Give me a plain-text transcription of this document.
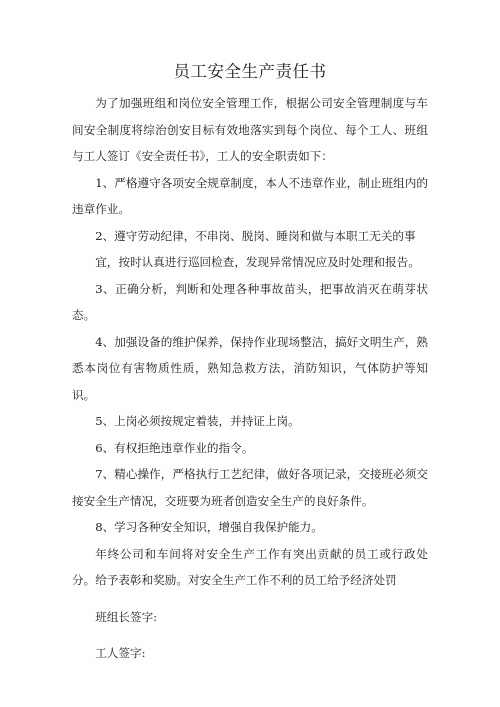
员工安全生产责任书

为了加强班组和岗位安全管理工作，根据公司安全管理制度与车间安全制度将综治创安目标有效地落实到每个岗位、每个工人、班组与工人签订《安全责任书》，工人的安全职责如下：

1、严格遵守各项安全规章制度，本人不违章作业，制止班组内的违章作业。

2、遵守劳动纪律，不串岗、脱岗、睡岗和做与本职工无关的事

宜，按时认真进行巡回检查，发现异常情况应及时处理和报告。

3、正确分析，判断和处理各种事故苗头，把事故消灭在萌芽状态。

4、加强设备的维护保养，保持作业现场整洁，搞好文明生产，熟悉本岗位有害物质性质，熟知急救方法，消防知识，气体防护等知识。

5、上岗必须按规定着装，并持证上岗。

6、有权拒绝违章作业的指令。

7、精心操作，严格执行工艺纪律，做好各项记录，交接班必须交接安全生产情况，交班要为班者创造安全生产的良好条件。

8、学习各种安全知识，增强自我保护能力。

年终公司和车间将对安全生产工作有突出贡献的员工或行政处分。给予表彰和奖励。对安全生产工作不利的员工给予经济处罚

班组长签字:

工人签字:
